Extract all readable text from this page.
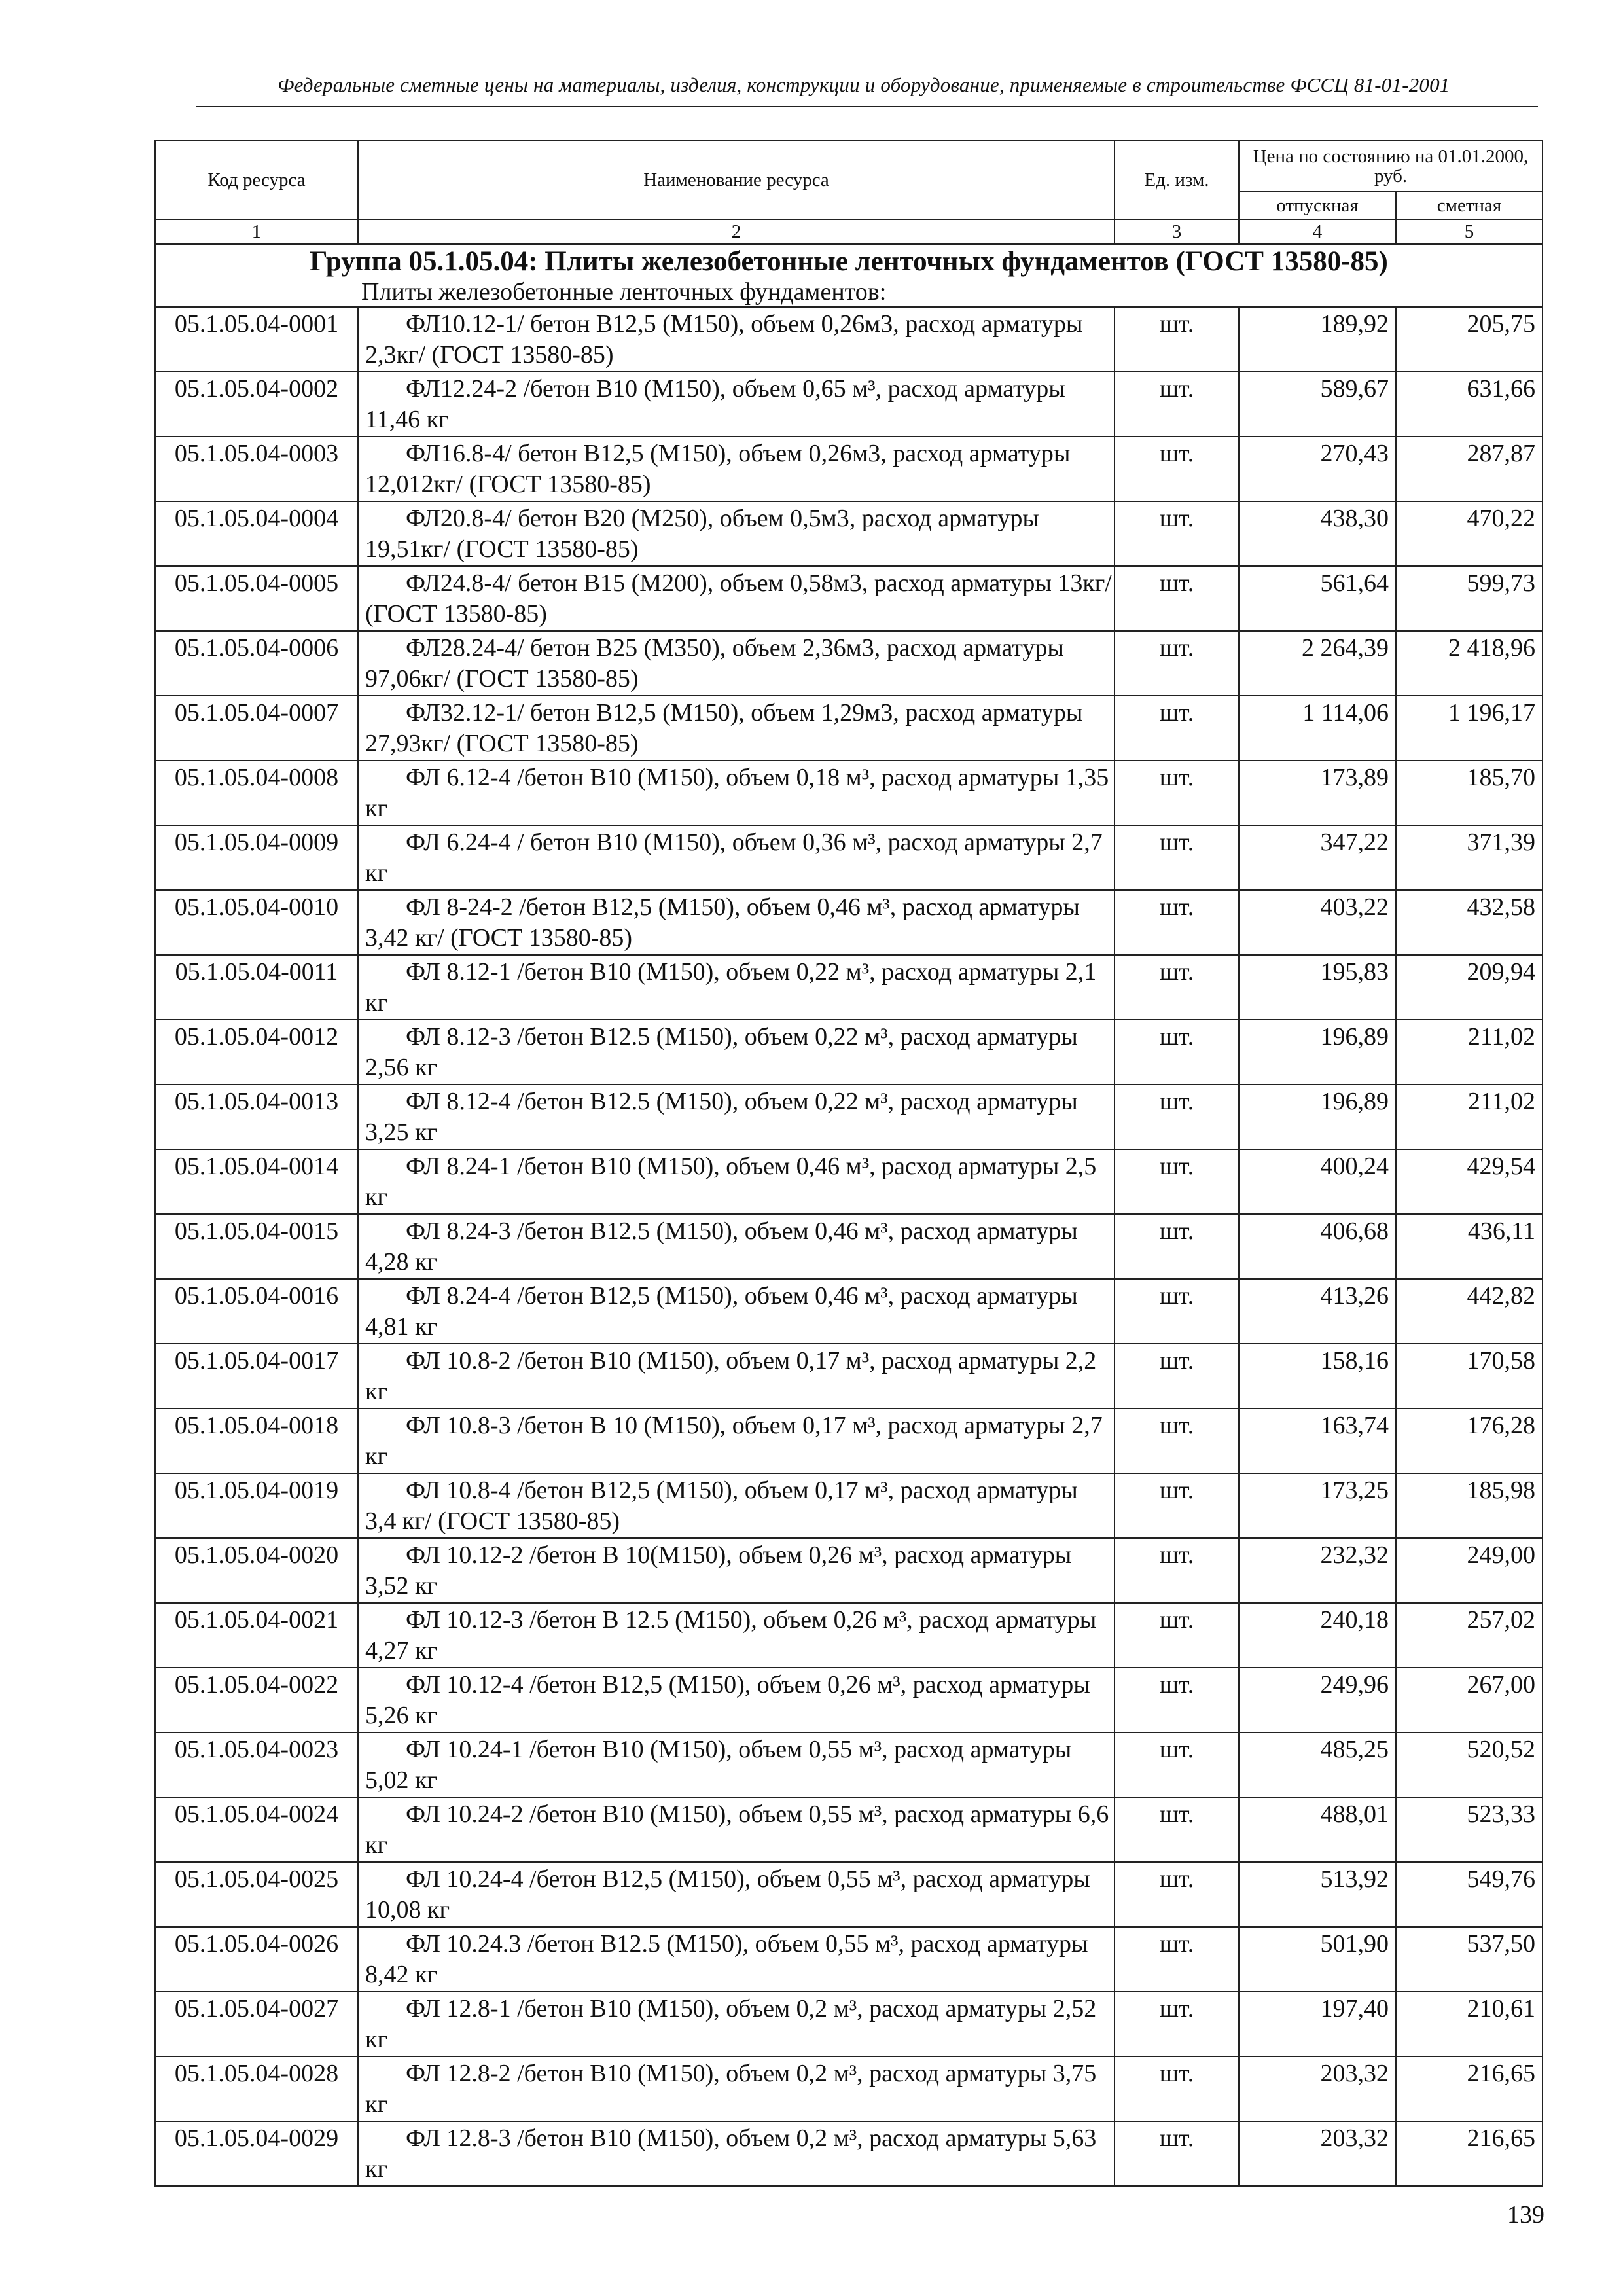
Федеральные сметные цены на материалы, изделия, конструкции и оборудование, применяемые в строительстве ФССЦ 81-01-2001
Код ресурса	Наименование ресурса	Ед. изм.	Цена по состоянию на 01.01.2000, руб.	
			отпускная	сметная
1	2	3	4	5
Группа 05.1.05.04: Плиты железобетонные ленточных фундаментов (ГОСТ 13580-85)				
Плиты железобетонные ленточных фундаментов:				
05.1.05.04-0001	ФЛ10.12-1/ бетон В12,5 (М150), объем 0,26м3, расход арматуры 2,3кг/ (ГОСТ 13580-85)	шт.	189,92	205,75
05.1.05.04-0002	ФЛ12.24-2 /бетон В10 (М150), объем 0,65 м³, расход арматуры 11,46 кг	шт.	589,67	631,66
05.1.05.04-0003	ФЛ16.8-4/ бетон В12,5 (М150), объем 0,26м3, расход арматуры 12,012кг/ (ГОСТ 13580-85)	шт.	270,43	287,87
05.1.05.04-0004	ФЛ20.8-4/ бетон В20 (М250), объем 0,5м3, расход арматуры 19,51кг/ (ГОСТ 13580-85)	шт.	438,30	470,22
05.1.05.04-0005	ФЛ24.8-4/ бетон В15 (М200), объем 0,58м3, расход арматуры 13кг/ (ГОСТ 13580-85)	шт.	561,64	599,73
05.1.05.04-0006	ФЛ28.24-4/ бетон В25 (М350), объем 2,36м3, расход арматуры 97,06кг/ (ГОСТ 13580-85)	шт.	2 264,39	2 418,96
05.1.05.04-0007	ФЛ32.12-1/ бетон В12,5 (М150), объем 1,29м3, расход арматуры 27,93кг/ (ГОСТ 13580-85)	шт.	1 114,06	1 196,17
05.1.05.04-0008	ФЛ 6.12-4 /бетон В10 (М150), объем 0,18 м³, расход арматуры 1,35 кг	шт.	173,89	185,70
05.1.05.04-0009	ФЛ 6.24-4 / бетон В10 (М150), объем 0,36 м³, расход арматуры 2,7 кг	шт.	347,22	371,39
05.1.05.04-0010	ФЛ 8-24-2 /бетон В12,5 (М150), объем 0,46 м³, расход арматуры 3,42 кг/ (ГОСТ 13580-85)	шт.	403,22	432,58
05.1.05.04-0011	ФЛ 8.12-1 /бетон В10 (М150), объем 0,22 м³, расход арматуры 2,1 кг	шт.	195,83	209,94
05.1.05.04-0012	ФЛ 8.12-3 /бетон В12.5 (М150), объем 0,22 м³, расход арматуры 2,56 кг	шт.	196,89	211,02
05.1.05.04-0013	ФЛ 8.12-4 /бетон В12.5 (М150), объем 0,22 м³, расход арматуры 3,25 кг	шт.	196,89	211,02
05.1.05.04-0014	ФЛ 8.24-1 /бетон В10 (М150), объем 0,46 м³, расход арматуры 2,5 кг	шт.	400,24	429,54
05.1.05.04-0015	ФЛ 8.24-3 /бетон В12.5 (М150), объем 0,46 м³, расход арматуры 4,28 кг	шт.	406,68	436,11
05.1.05.04-0016	ФЛ 8.24-4 /бетон В12,5 (М150), объем 0,46 м³, расход арматуры 4,81 кг	шт.	413,26	442,82
05.1.05.04-0017	ФЛ 10.8-2 /бетон В10 (М150), объем 0,17 м³, расход арматуры 2,2 кг	шт.	158,16	170,58
05.1.05.04-0018	ФЛ 10.8-3 /бетон В 10 (М150), объем 0,17 м³, расход арматуры 2,7 кг	шт.	163,74	176,28
05.1.05.04-0019	ФЛ 10.8-4 /бетон В12,5 (М150), объем 0,17 м³, расход арматуры 3,4 кг/ (ГОСТ 13580-85)	шт.	173,25	185,98
05.1.05.04-0020	ФЛ 10.12-2 /бетон В 10(М150), объем 0,26 м³, расход арматуры 3,52 кг	шт.	232,32	249,00
05.1.05.04-0021	ФЛ 10.12-3 /бетон В 12.5 (М150), объем 0,26 м³, расход арматуры 4,27 кг	шт.	240,18	257,02
05.1.05.04-0022	ФЛ 10.12-4 /бетон В12,5 (М150), объем 0,26 м³, расход арматуры 5,26 кг	шт.	249,96	267,00
05.1.05.04-0023	ФЛ 10.24-1 /бетон В10 (М150), объем 0,55 м³, расход арматуры 5,02 кг	шт.	485,25	520,52
05.1.05.04-0024	ФЛ 10.24-2 /бетон В10 (М150), объем 0,55 м³, расход арматуры 6,6 кг	шт.	488,01	523,33
05.1.05.04-0025	ФЛ 10.24-4 /бетон В12,5 (М150), объем 0,55 м³, расход арматуры 10,08 кг	шт.	513,92	549,76
05.1.05.04-0026	ФЛ 10.24.3 /бетон В12.5 (М150), объем 0,55 м³, расход арматуры 8,42 кг	шт.	501,90	537,50
05.1.05.04-0027	ФЛ 12.8-1 /бетон В10 (М150), объем 0,2 м³, расход арматуры 2,52 кг	шт.	197,40	210,61
05.1.05.04-0028	ФЛ 12.8-2 /бетон В10 (М150), объем 0,2 м³, расход арматуры 3,75 кг	шт.	203,32	216,65
05.1.05.04-0029	ФЛ 12.8-3 /бетон В10 (М150), объем 0,2 м³, расход арматуры 5,63 кг	шт.	203,32	216,65
139
